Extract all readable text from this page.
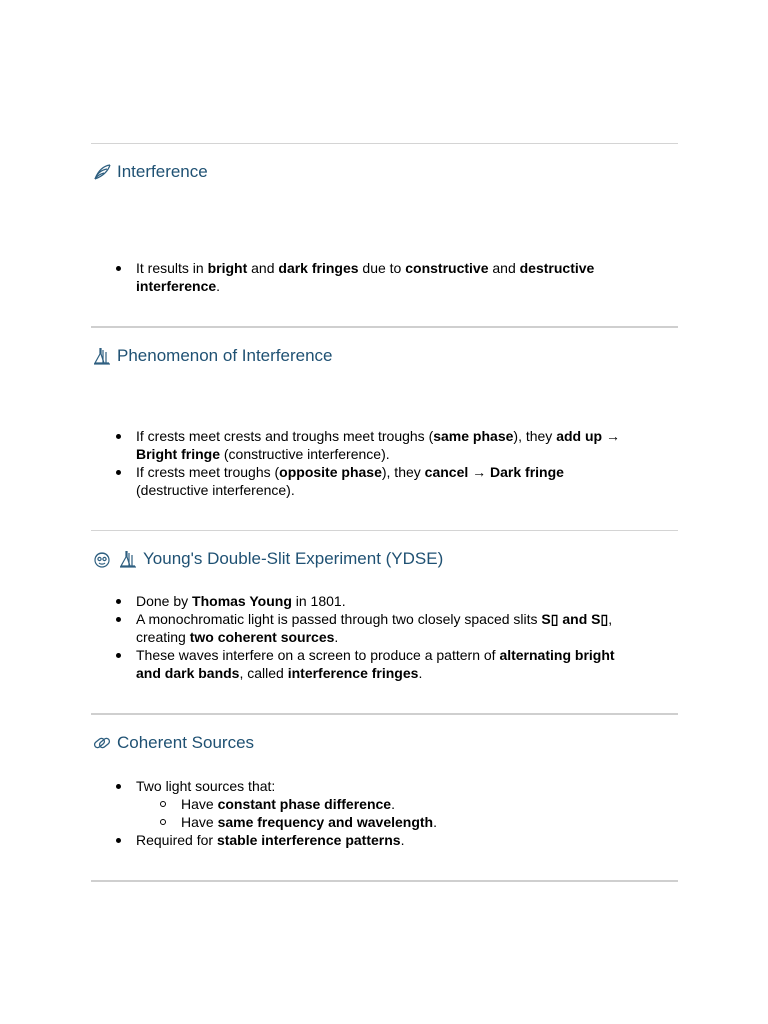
Interference
It results in bright and dark fringes due to constructive and destructive interference.
Phenomenon of Interference
If crests meet crests and troughs meet troughs (same phase), they add up →
Bright fringe (constructive interference).
If crests meet troughs (opposite phase), they cancel → Dark fringe
(destructive interference).
Young's Double-Slit Experiment (YDSE)
Done by Thomas Young in 1801.
A monochromatic light is passed through two closely spaced slits S▯ and S▯,
creating two coherent sources.
These waves interfere on a screen to produce a pattern of alternating bright
and dark bands, called interference fringes.
Coherent Sources
Two light sources that:
Have constant phase difference.
Have same frequency and wavelength.
Required for stable interference patterns.
